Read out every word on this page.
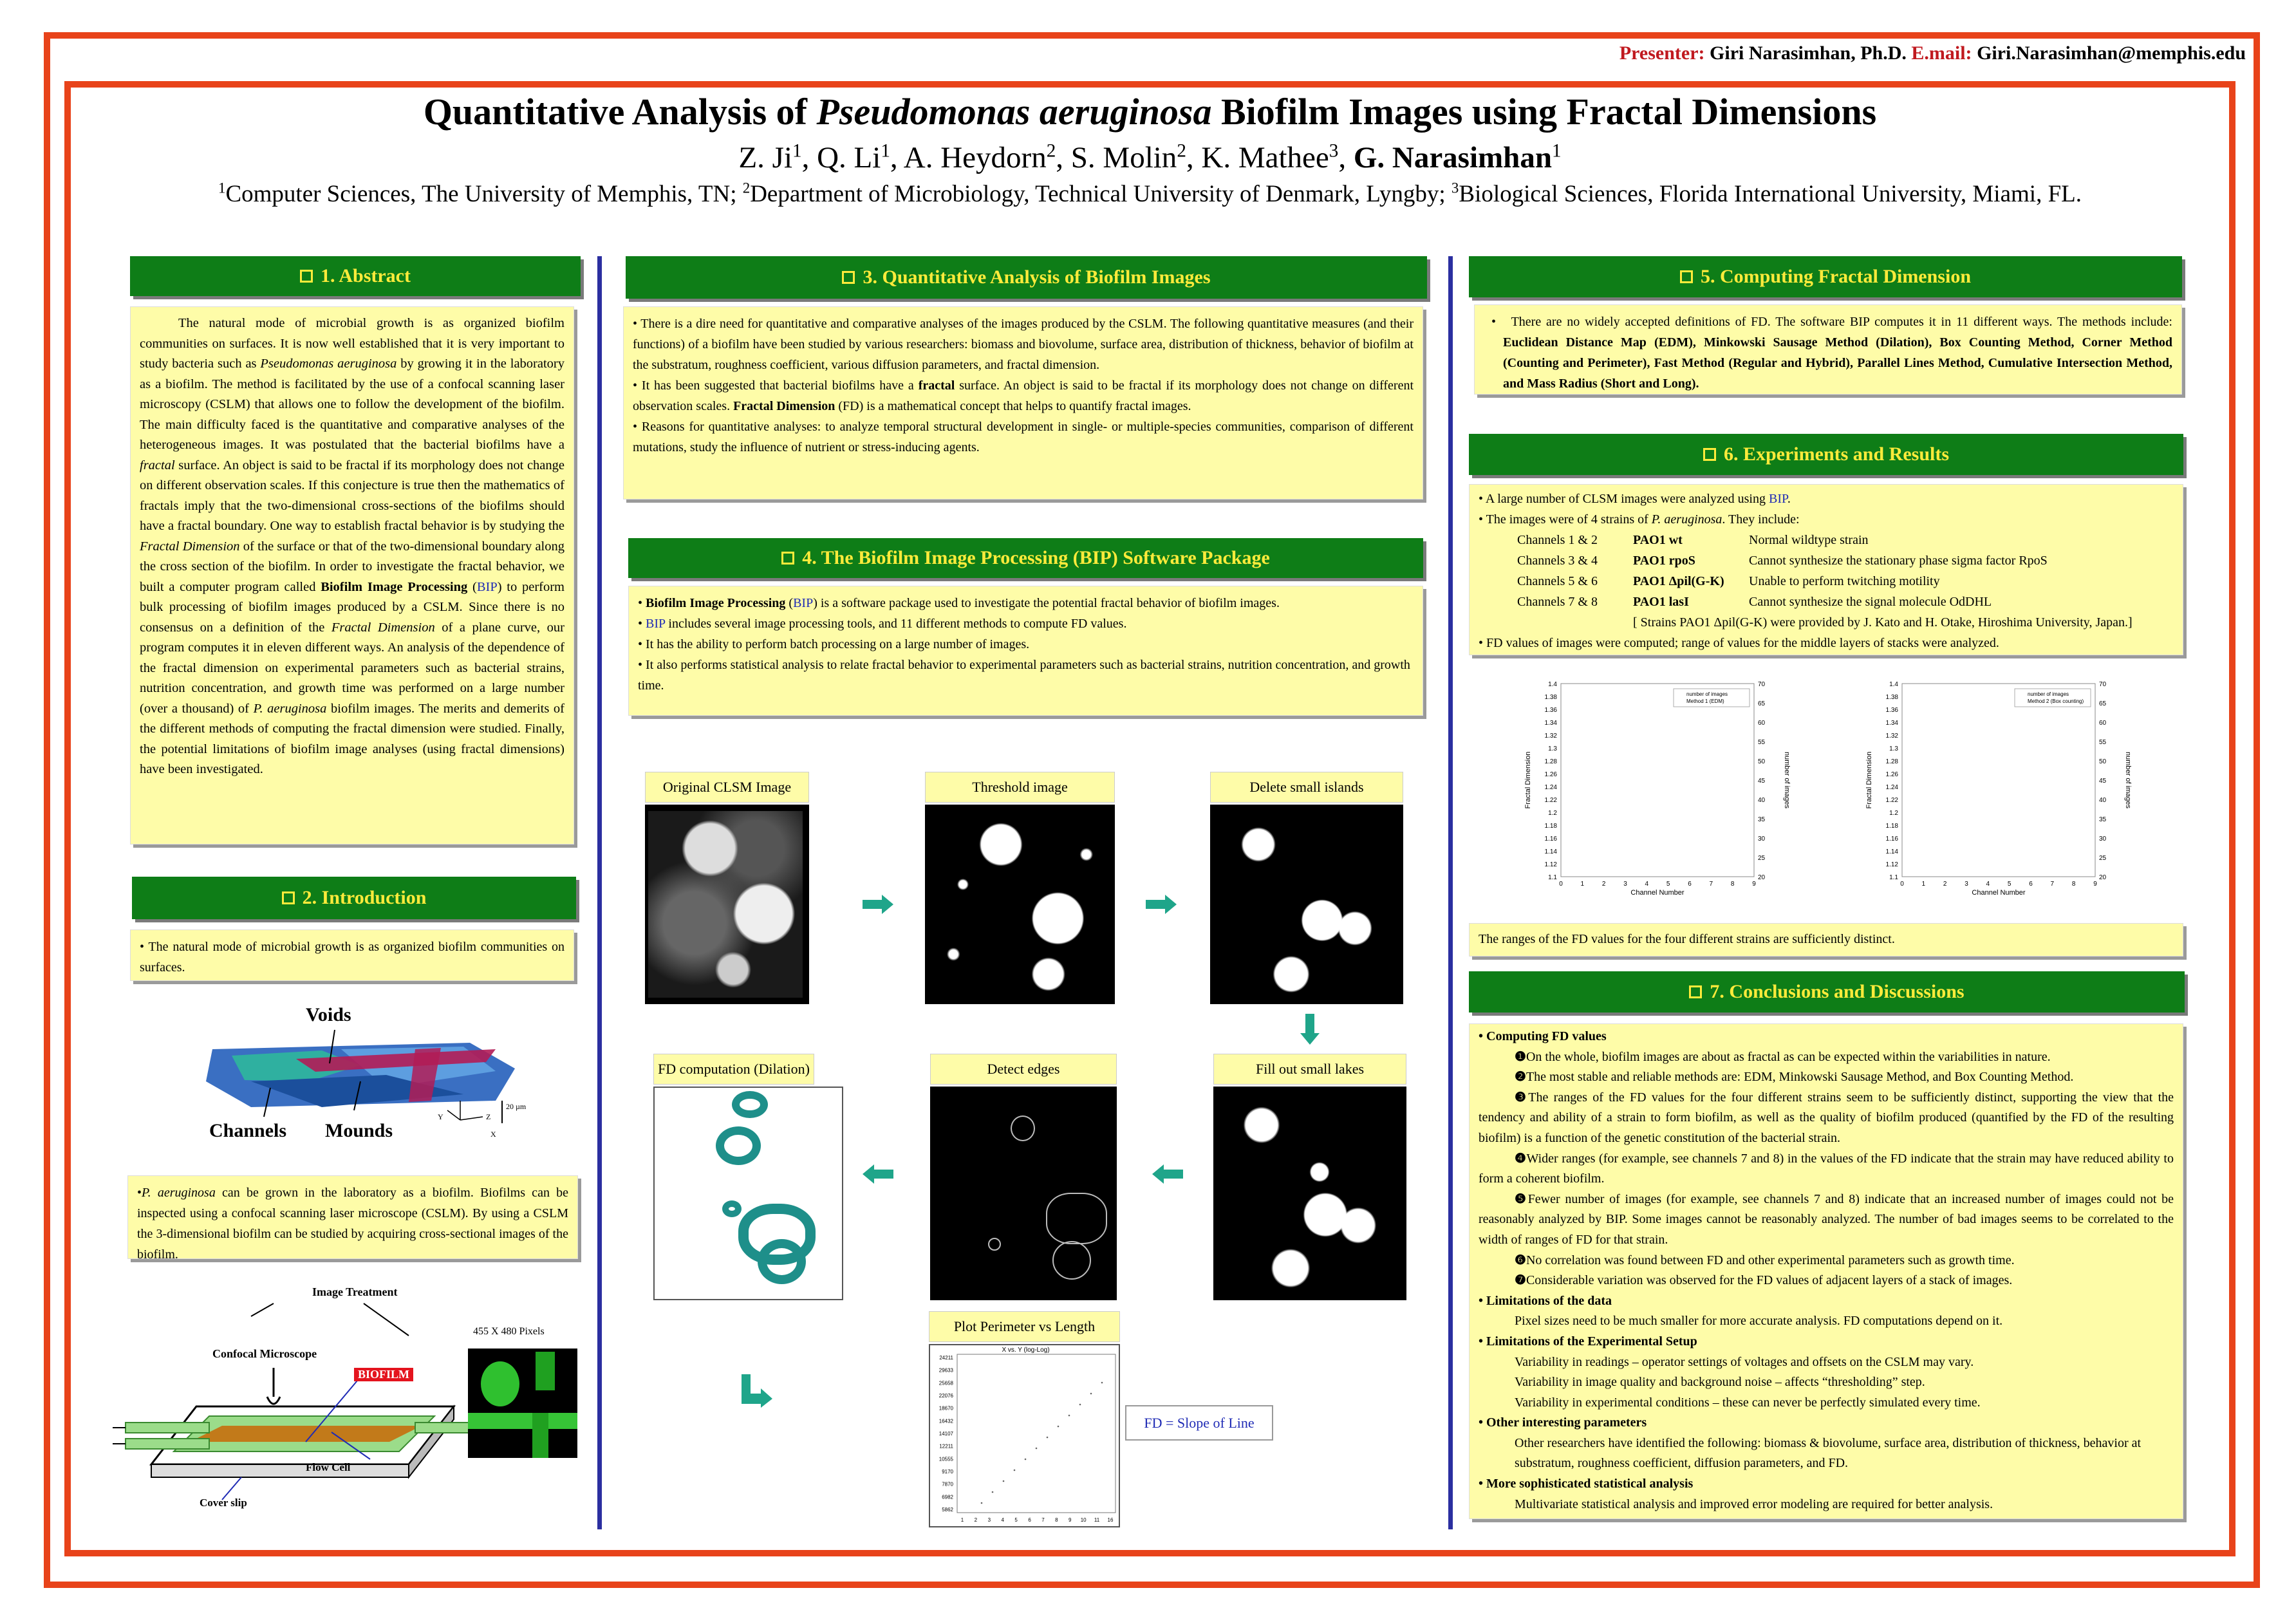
Presenter: Giri Narasimhan, Ph.D. E.mail: Giri.Narasimhan@memphis.edu
Quantitative Analysis of Pseudomonas aeruginosa Biofilm Images using Fractal Dimensions
Z. Ji$^1$, Q. Li$^1$, A. Heydorn$^2$, S. Molin$^2$, K. Mathee$^3$, G. Narasimhan$^1$
$^1$Computer Sciences, The University of Memphis, TN; $^2$Department of Microbiology, Technical University of Denmark, Lyngby; $^3$Biological Sciences, Florida International University, Miami, FL.
1. Abstract
The natural mode of microbial growth is as organized biofilm communities on surfaces. It is now well established that it is very important to study bacteria such as Pseudomonas aeruginosa by growing it in the laboratory as a biofilm. The method is facilitated by the use of a confocal scanning laser microscopy (CSLM) that allows one to follow the development of the biofilm. The main difficulty faced is the quantitative and comparative analyses of the heterogeneous images. It was postulated that the bacterial biofilms have a fractal surface. An object is said to be fractal if its morphology does not change on different observation scales. If this conjecture is true then the mathematics of fractals imply that the two-dimensional cross-sections of the biofilms should have a fractal boundary. One way to establish fractal behavior is by studying the Fractal Dimension of the surface or that of the two-dimensional boundary along the cross section of the biofilm. In order to investigate the fractal behavior, we built a computer program called Biofilm Image Processing (BIP) to perform bulk processing of biofilm images produced by a CSLM. Since there is no consensus on a definition of the Fractal Dimension of a plane curve, our program computes it in eleven different ways. An analysis of the dependence of the fractal dimension on experimental parameters such as bacterial strains, nutrition concentration, and growth time was performed on a large number (over a thousand) of P. aeruginosa biofilm images. The merits and demerits of the different methods of computing the fractal dimension were studied. Finally, the potential limitations of biofilm image analyses (using fractal dimensions) have been investigated.
2. Introduction
• The natural mode of microbial growth is as organized biofilm communities on surfaces.
Voids
Channels Mounds
20 µm
Y	Z
X
•P. aeruginosa can be grown in the laboratory as a biofilm. Biofilms can be inspected using a confocal scanning laser microscope (CSLM). By using a CSLM the 3-dimensional biofilm can be studied by acquiring cross-sectional images of the biofilm.
Image Treatment
Confocal Microscope
BIOFILM
Flow Cell
Cover slip
455 X 480 Pixels
3. Quantitative Analysis of Biofilm Images
• There is a dire need for quantitative and comparative analyses of the images produced by the CSLM. The following quantitative measures (and their functions) of a biofilm have been studied by various researchers: biomass and biovolume, surface area, distribution of thickness, behavior of biofilm at the substratum, roughness coefficient, various diffusion parameters, and fractal dimension.
• It has been suggested that bacterial biofilms have a fractal surface. An object is said to be fractal if its morphology does not change on different observation scales. Fractal Dimension (FD) is a mathematical concept that helps to quantify fractal images.
• Reasons for quantitative analyses: to analyze temporal structural development in single- or multiple-species communities, comparison of different mutations, study the influence of nutrient or stress-inducing agents.
4. The Biofilm Image Processing (BIP) Software Package
• Biofilm Image Processing (BIP) is a software package used to investigate the potential fractal behavior of biofilm images.
• BIP includes several image processing tools, and 11 different methods to compute FD values.
• It has the ability to perform batch processing on a large number of images.
• It also performs statistical analysis to relate fractal behavior to experimental parameters such as bacterial strains, nutrition concentration, and growth time.
Original CLSM Image	Threshold image	Delete small islands
FD computation (Dilation)	Detect edges	Fill out small lakes
Plot Perimeter vs Length
X vs. Y (log-Log)
24211
29633
25658
22076
18670
16432
14107
12211
10555
9170
7870
6982
5862
1 2 3 4 5 6 7 8 9 10 11 16
FD = Slope of Line
5. Computing Fractal Dimension
•   There are no widely accepted definitions of FD. The software BIP computes it in 11 different ways. The methods include: Euclidean Distance Map (EDM), Minkowski Sausage Method (Dilation), Box Counting Method, Corner Method (Counting and Perimeter), Fast Method (Regular and Hybrid), Parallel Lines Method, Cumulative Intersection Method, and Mass Radius (Short and Long).
6. Experiments and Results
• A large number of CLSM images were analyzed using BIP.
• The images were of 4 strains of P. aeruginosa. They include:
Channels 1 & 2	PAO1 wt	Normal wildtype strain
Channels 3 & 4	PAO1 rpoS	Cannot synthesize the stationary phase sigma factor RpoS
Channels 5 & 6	PAO1 Δpil(G-K)	Unable to perform twitching motility
Channels 7 & 8	PAO1 lasI	Cannot synthesize the signal molecule OdDHL
[ Strains PAO1 Δpil(G-K) were provided by J. Kato and H. Otake, Hiroshima University, Japan.]
• FD values of images were computed; range of values for the middle layers of stacks were analyzed.
1.4
1.38
1.36
1.34
1.32
1.3
1.28
1.26
1.24
1.22
1.2
1.18
1.16
1.14
1.12
1.1
70
65
60
55
50
45
40
35
30
25
20
0	1	2	3	4	5	6	7	8	9
Channel Number
Fractal Dimension	number of images
number of images
Method 1 (EDM)
1.4
1.38
1.36
1.34
1.32
1.3
1.28
1.26
1.24
1.22
1.2
1.18
1.16
1.14
1.12
1.1
70
65
60
55
50
45
40
35
30
25
20
0	1	2	3	4	5	6	7	8	9
Channel Number
Fractal Dimension	number of images
number of images
Method 2 (Box counting)
The ranges of the FD values for the four different strains are sufficiently distinct.
7. Conclusions and Discussions
• Computing FD values
❶On the whole, biofilm images are about as fractal as can be expected within the variabilities in nature.
❷The most stable and reliable methods are: EDM, Minkowski Sausage Method, and Box Counting Method.
❸The ranges of the FD values for the four different strains seem to be sufficiently distinct, supporting the view that the tendency and ability of a strain to form biofilm, as well as the quality of biofilm produced (quantified by the FD of the resulting biofilm) is a function of the genetic constitution of the bacterial strain.
❹Wider ranges (for example, see channels 7 and 8) in the values of the FD indicate that the strain may have reduced ability to form a coherent biofilm.
❺Fewer number of images (for example, see channels 7 and 8) indicate that an increased number of images could not be reasonably analyzed by BIP. Some images cannot be reasonably analyzed. The number of bad images seems to be correlated to the width of ranges of FD for that strain.
❻No correlation was found between FD and other experimental parameters such as growth time.
❼Considerable variation was observed for the FD values of adjacent layers of a stack of images.
• Limitations of the data
Pixel sizes need to be much smaller for more accurate analysis. FD computations depend on it.
• Limitations of the Experimental Setup
Variability in readings – operator settings of voltages and offsets on the CSLM may vary.
Variability in image quality and background noise – affects “thresholding” step.
Variability in experimental conditions – these can never be perfectly simulated every time.
• Other interesting parameters
Other researchers have identified the following: biomass & biovolume, surface area, distribution of thickness, behavior at substratum, roughness coefficient, diffusion parameters, and FD.
• More sophisticated statistical analysis
Multivariate statistical analysis and improved error modeling are required for better analysis.
